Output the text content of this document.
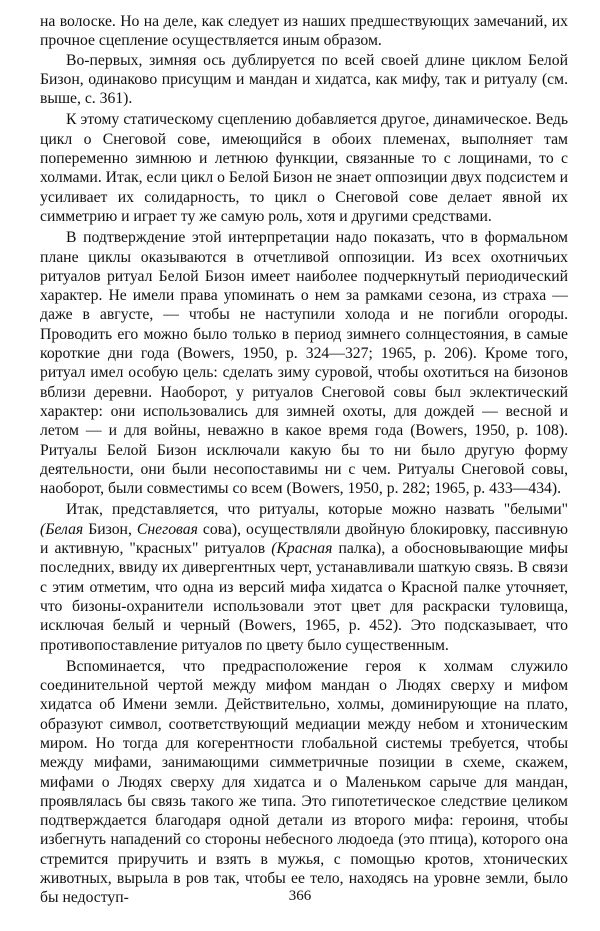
на волоске. Но на деле, как следует из наших предшествующих замечаний, их прочное сцепление осуществляется иным образом.

Во-первых, зимняя ось дублируется по всей своей длине циклом Белой Бизон, одинаково присущим и мандан и хидатса, как мифу, так и ритуалу (см. выше, с. 361).

К этому статическому сцеплению добавляется другое, динамическое. Ведь цикл о Снеговой сове, имеющийся в обоих племенах, выполняет там попеременно зимнюю и летнюю функции, связанные то с лощинами, то с холмами. Итак, если цикл о Белой Бизон не знает оппозиции двух подсистем и усиливает их солидарность, то цикл о Снеговой сове делает явной их симметрию и играет ту же самую роль, хотя и другими средствами.

В подтверждение этой интерпретации надо показать, что в формальном плане циклы оказываются в отчетливой оппозиции. Из всех охотничьих ритуалов ритуал Белой Бизон имеет наиболее подчеркнутый периодический характер. Не имели права упоминать о нем за рамками сезона, из страха — даже в августе, — чтобы не наступили холода и не погибли огороды. Проводить его можно было только в период зимнего солнцестояния, в самые короткие дни года (Bowers, 1950, p. 324—327; 1965, p. 206). Кроме того, ритуал имел особую цель: сделать зиму суровой, чтобы охотиться на бизонов вблизи деревни. Наоборот, у ритуалов Снеговой совы был эклектический характер: они использовались для зимней охоты, для дождей — весной и летом — и для войны, неважно в какое время года (Bowers, 1950, p. 108). Ритуалы Белой Бизон исключали какую бы то ни было другую форму деятельности, они были несопоставимы ни с чем. Ритуалы Снеговой совы, наоборот, были совместимы со всем (Bowers, 1950, p. 282; 1965, p. 433—434).

Итак, представляется, что ритуалы, которые можно назвать "белыми" (Белая Бизон, Снеговая сова), осуществляли двойную блокировку, пассивную и активную, "красных" ритуалов (Красная палка), а обосновывающие мифы последних, ввиду их дивергентных черт, устанавливали шаткую связь. В связи с этим отметим, что одна из версий мифа хидатса о Красной палке уточняет, что бизоны-охранители использовали этот цвет для раскраски туловища, исключая белый и черный (Bowers, 1965, p. 452). Это подсказывает, что противопоставление ритуалов по цвету было существенным.

Вспоминается, что предрасположение героя к холмам служило соединительной чертой между мифом мандан о Людях сверху и мифом хидатса об Имени земли. Действительно, холмы, доминирующие на плато, образуют символ, соответствующий медиации между небом и хтоническим миром. Но тогда для когерентности глобальной системы требуется, чтобы между мифами, занимающими симметричные позиции в схеме, скажем, мифами о Людях сверху для хидатса и о Маленьком сарыче для мандан, проявлялась бы связь такого же типа. Это гипотетическое следствие целиком подтверждается благодаря одной детали из второго мифа: героиня, чтобы избегнуть нападений со стороны небесного людоеда (это птица), которого она стремится приручить и взять в мужья, с помощью кротов, хтонических животных, вырыла в ров так, чтобы ее тело, находясь на уровне земли, было бы недоступ-	366
